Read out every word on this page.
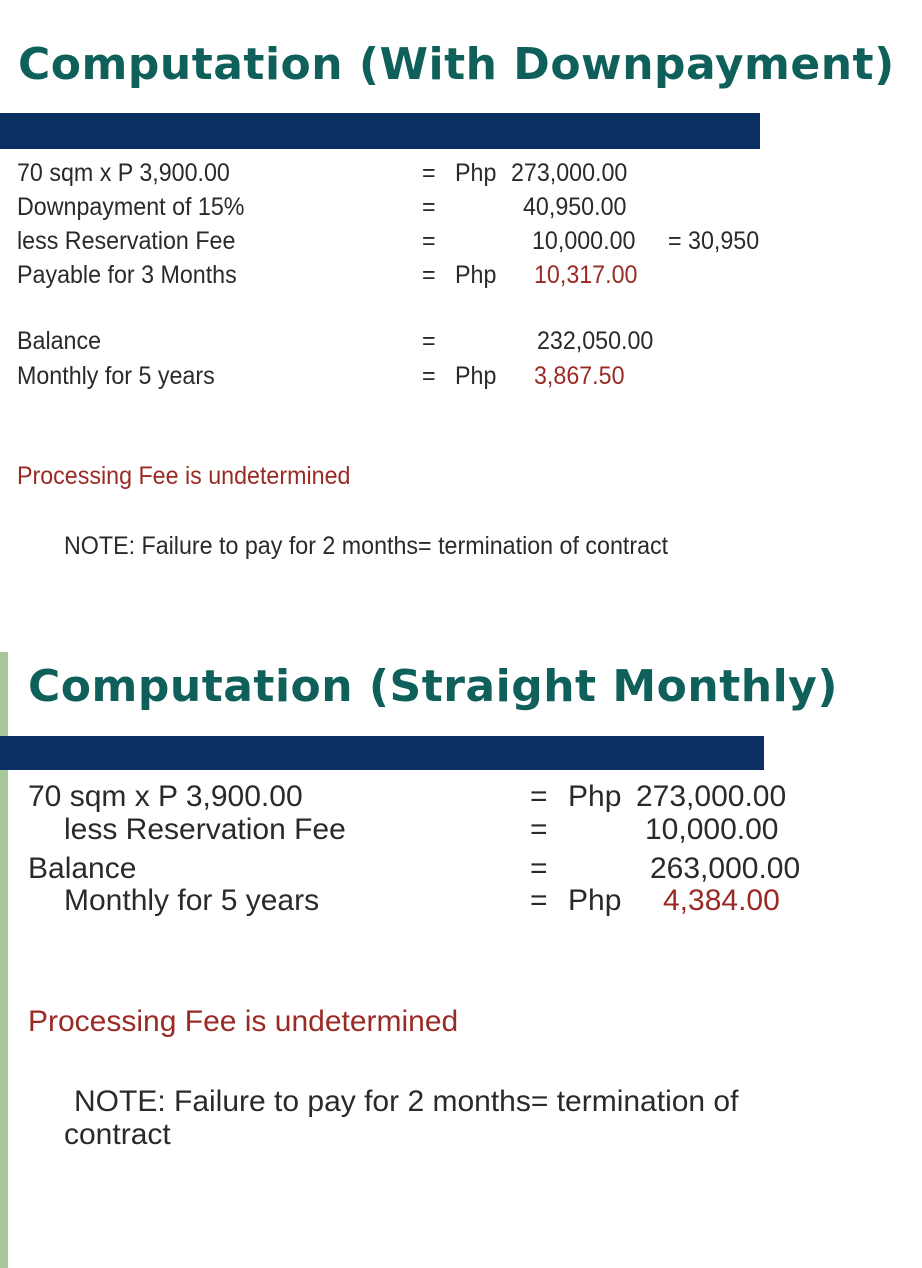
Computation (With Downpayment)
70 sqm x P 3,900.00	= Php 273,000.00
Downpayment of 15%	=	40,950.00
less Reservation Fee	=	10,000.00 = 30,950
Payable for 3 Months	= Php 10,317.00
Balance	=	232,050.00
Monthly for 5 years	= Php 3,867.50
Processing Fee is undetermined
NOTE: Failure to pay for 2 months= termination of contract
Computation (Straight Monthly)
70 sqm x P 3,900.00	= Php 273,000.00
less Reservation Fee	=	10,000.00
Balance	=	263,000.00
Monthly for 5 years	= Php 4,384.00
Processing Fee is undetermined
NOTE: Failure to pay for 2 months= termination of
contract
